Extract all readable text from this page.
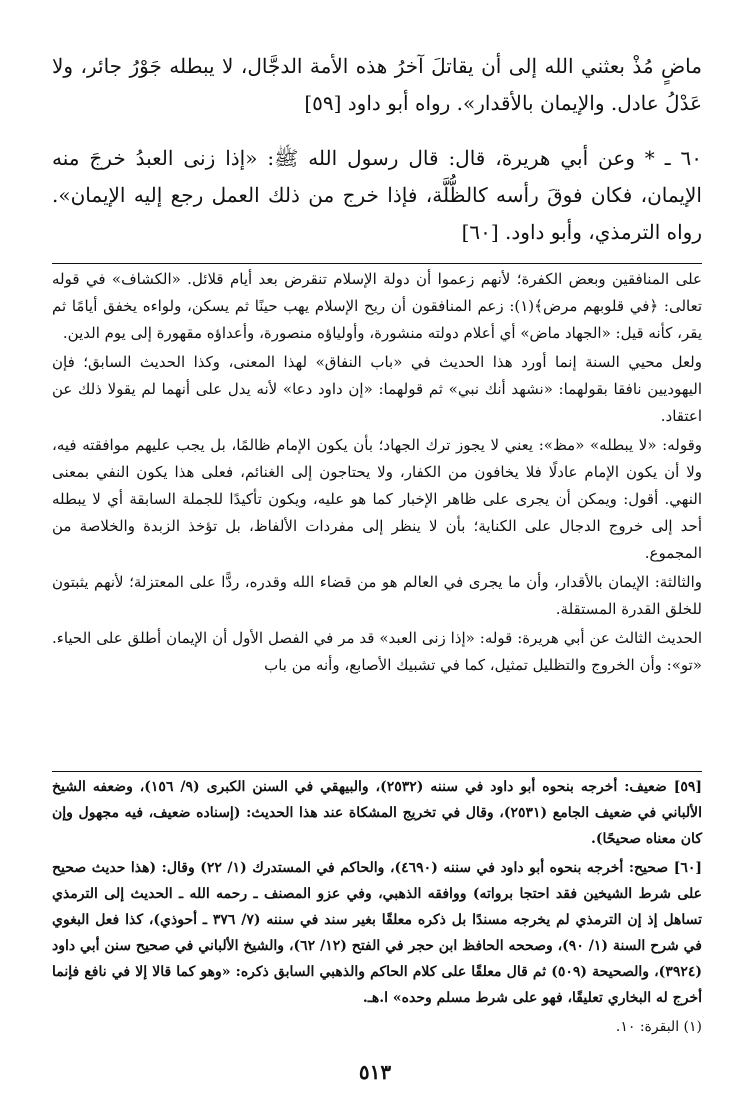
ماضٍ مُذْ بعثني الله إلى أن يقاتلَ آخرُ هذه الأمة الدجَّال، لا يبطله جَوْرُ جائر، ولا عَدْلُ عادل. والإيمان بالأقدار». رواه أبو داود [٥٩]

٦٠ ـ * وعن أبي هريرة، قال: قال رسول الله ﷺ: «إذا زنى العبدُ خرجَ منه الإيمان، فكان فوقَ رأسه كالظُّلَّة، فإذا خرج من ذلك العمل رجع إليه الإيمان». رواه الترمذي، وأبو داود. [٦٠]

على المنافقين وبعض الكفرة؛ لأنهم زعموا أن دولة الإسلام تنقرض بعد أيام قلائل. «الكشاف» في قوله تعالى: ﴿في قلوبهم مرض﴾(١): زعم المنافقون أن ريح الإسلام يهب حينًا ثم يسكن، ولواءه يخفق أيامًا ثم يقر، كأنه قيل: «الجهاد ماض» أي أعلام دولته منشورة، وأولياؤه منصورة، وأعداؤه مقهورة إلى يوم الدين.

ولعل محيي السنة إنما أورد هذا الحديث في «باب النفاق» لهذا المعنى، وكذا الحديث السابق؛ فإن اليهوديين نافقا بقولهما: «نشهد أنك نبي» ثم قولهما: «إن داود دعا» لأنه يدل على أنهما لم يقولا ذلك عن اعتقاد.

وقوله: «لا يبطله» «مظ»: يعني لا يجوز ترك الجهاد؛ بأن يكون الإمام ظالمًا، بل يجب عليهم موافقته فيه، ولا أن يكون الإمام عادلًا فلا يخافون من الكفار، ولا يحتاجون إلى الغنائم، فعلى هذا يكون النفي بمعنى النهي. أقول: ويمكن أن يجرى على ظاهر الإخبار كما هو عليه، ويكون تأكيدًا للجملة السابقة أي لا يبطله أحد إلى خروج الدجال على الكناية؛ بأن لا ينظر إلى مفردات الألفاظ، بل تؤخذ الزبدة والخلاصة من المجموع.

والثالثة: الإيمان بالأقدار، وأن ما يجرى في العالم هو من قضاء الله وقدره، ردًّا على المعتزلة؛ لأنهم يثبتون للخلق القدرة المستقلة.

الحديث الثالث عن أبي هريرة: قوله: «إذا زنى العبد» قد مر في الفصل الأول أن الإيمان أطلق على الحياء. «تو»: وأن الخروج والتظليل تمثيل، كما في تشبيك الأصابع، وأنه من باب

[٥٩] ضعيف: أخرجه بنحوه أبو داود في سننه (٢٥٣٢)، والبيهقي في السنن الكبرى (٩/ ١٥٦)، وضعفه الشيخ الألباني في ضعيف الجامع (٢٥٣١)، وقال في تخريج المشكاة عند هذا الحديث: (إسناده ضعيف، فيه مجهول وإن كان معناه صحيحًا).

[٦٠] صحيح: أخرجه بنحوه أبو داود في سننه (٤٦٩٠)، والحاكم في المستدرك (١/ ٢٢) وقال: (هذا حديث صحيح على شرط الشيخين فقد احتجا برواته) ووافقه الذهبي، وفي عزو المصنف ـ رحمه الله ـ الحديث إلى الترمذي تساهل إذ إن الترمذي لم يخرجه مسندًا بل ذكره معلقًا بغير سند في سننه (٧/ ٣٧٦ ـ أحوذي)، كذا فعل البغوي في شرح السنة (١/ ٩٠)، وصححه الحافظ ابن حجر في الفتح (١٢/ ٦٢)، والشيخ الألباني في صحيح سنن أبي داود (٣٩٢٤)، والصحيحة (٥٠٩) ثم قال معلقًا على كلام الحاكم والذهبي السابق ذكره: «وهو كما قالا إلا في نافع فإنما أخرج له البخاري تعليقًا، فهو على شرط مسلم وحده» ا.هـ.

(١) البقرة: ١٠.

٥١٣
